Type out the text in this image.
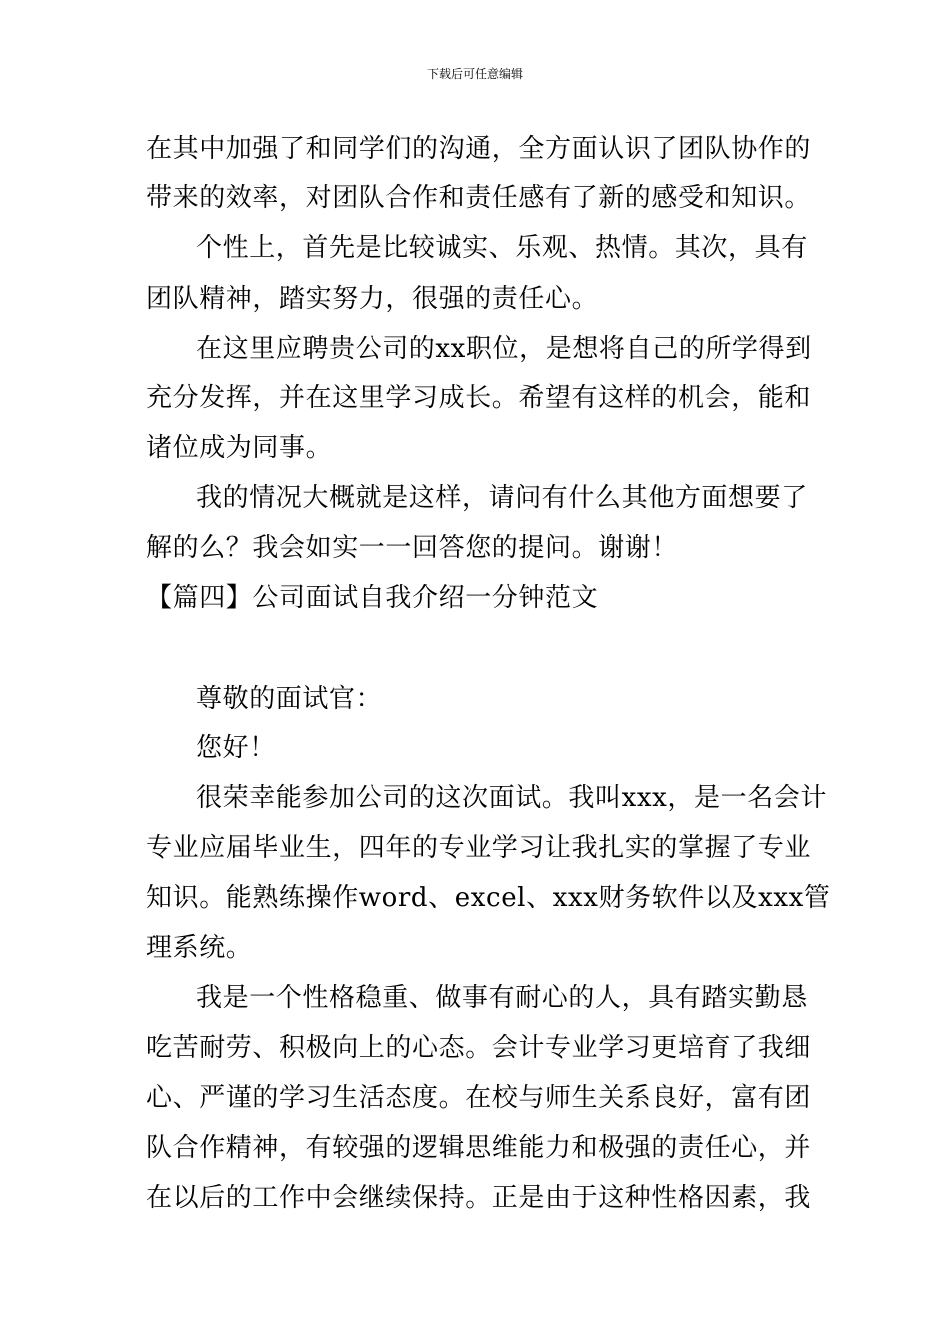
下载后可任意编辑
在其中加强了和同学们的沟通，全方面认识了团队协作的
带来的效率，对团队合作和责任感有了新的感受和知识。
个性上，首先是比较诚实、乐观、热情。其次，具有
团队精神，踏实努力，很强的责任心。
在这里应聘贵公司的xx职位，是想将自己的所学得到
充分发挥，并在这里学习成长。希望有这样的机会，能和
诸位成为同事。
我的情况大概就是这样，请问有什么其他方面想要了
解的么？我会如实一一回答您的提问。谢谢！
【篇四】公司面试自我介绍一分钟范文
尊敬的面试官：
您好！
很荣幸能参加公司的这次面试。我叫xxx，是一名会计
专业应届毕业生，四年的专业学习让我扎实的掌握了专业
知识。能熟练操作word、excel、xxx财务软件以及xxx管
理系统。
我是一个性格稳重、做事有耐心的人，具有踏实勤恳
吃苦耐劳、积极向上的心态。会计专业学习更培育了我细
心、严谨的学习生活态度。在校与师生关系良好，富有团
队合作精神，有较强的逻辑思维能力和极强的责任心，并
在以后的工作中会继续保持。正是由于这种性格因素，我
